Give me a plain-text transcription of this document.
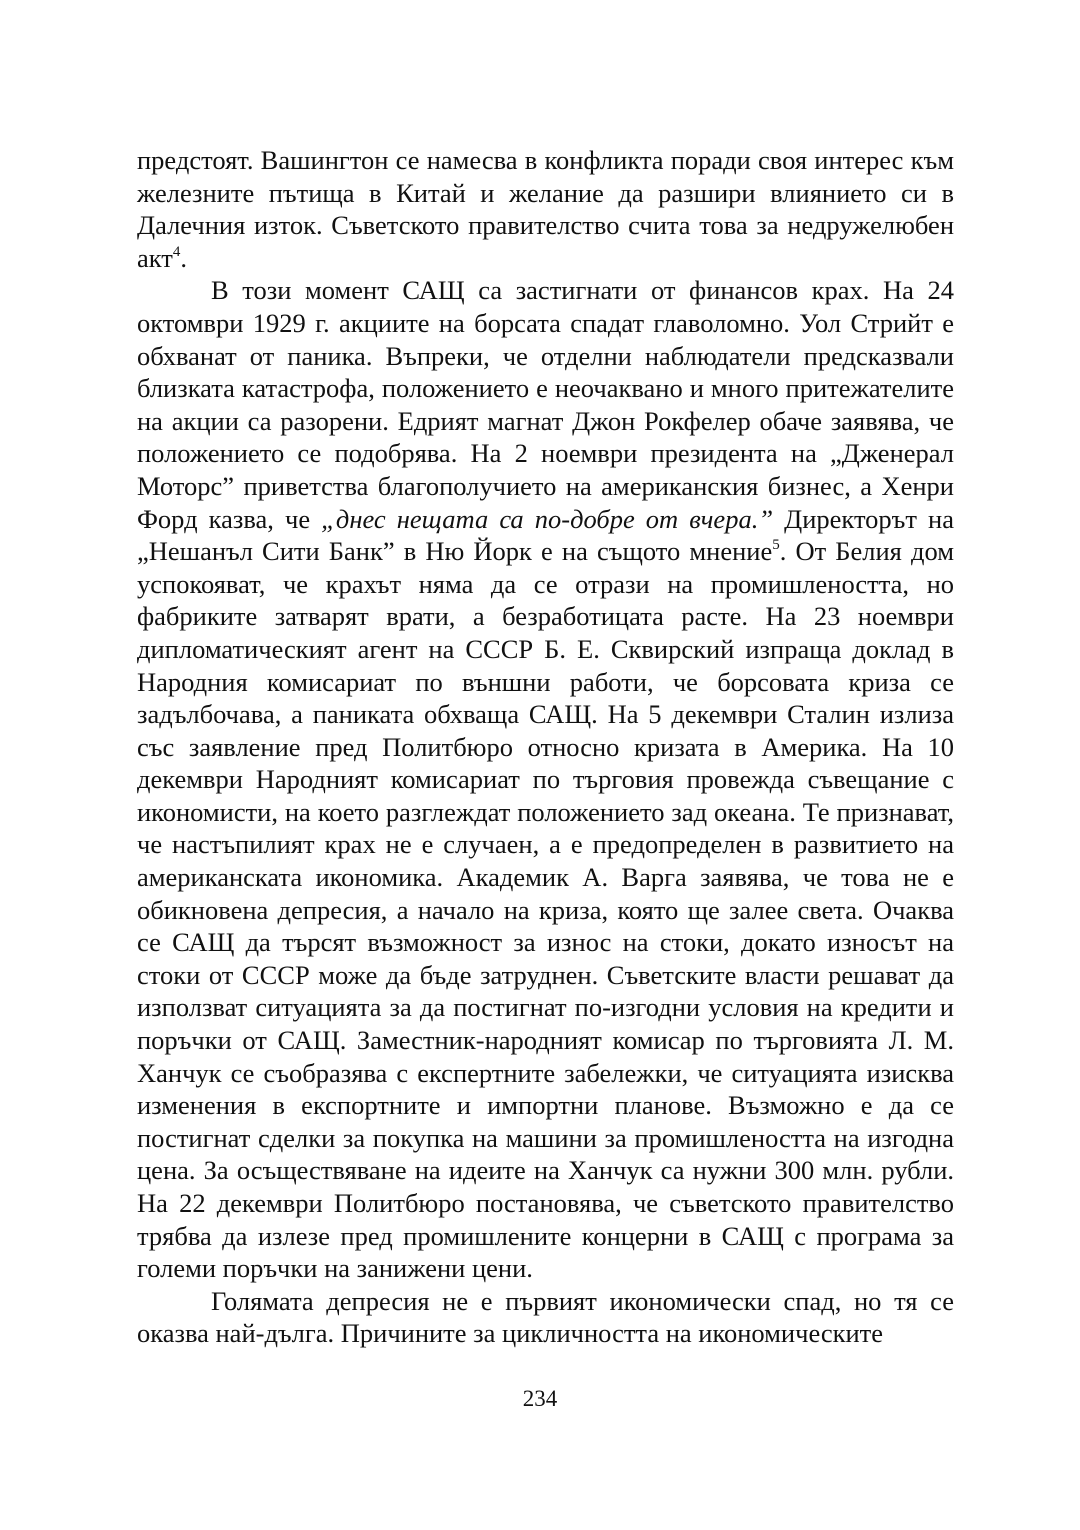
предстоят. Вашингтон се намесва в конфликта поради своя интерес към железните пътища в Китай и желание да разшири влиянието си в Далечния изток. Съветското правителство счита това за недружелюбен акт$^4$.

В този момент САЩ са застигнати от финансов крах. На 24 октомври 1929 г. акциите на борсата спадат главоломно. Уол Стрийт е обхванат от паника. Въпреки, че отделни наблюдатели предсказвали близката катастрофа, положението е неочаквано и много притежателите на акции са разорени. Едрият магнат Джон Рокфелер обаче заявява, че положението се подобрява. На 2 ноември президента на „Дженерал Моторс” приветства благополучието на американския бизнес, а Хенри Форд казва, че „днес нещата са по-добре от вчера.” Директорът на „Нешанъл Сити Банк” в Ню Йорк е на същото мнение$^5$. От Белия дом успокояват, че крахът няма да се отрази на промишлеността, но фабриките затварят врати, а безработицата расте. На 23 ноември дипломатическият агент на СССР Б. Е. Сквирский изпраща доклад в Народния комисариат по външни работи, че борсовата криза се задълбочава, а паниката обхваща САЩ. На 5 декември Сталин излиза със заявление пред Политбюро относно кризата в Америка. На 10 декември Народният комисариат по търговия провежда съвещание с икономисти, на което разглеждат положението зад океана. Те признават, че настъпилият крах не е случаен, а е предопределен в развитието на американската икономика. Академик А. Варга заявява, че това не е обикновена депресия, а начало на криза, която ще залее света. Очаква се САЩ да търсят възможност за износ на стоки, докато износът на стоки от СССР може да бъде затруднен. Съветските власти решават да използват ситуацията за да постигнат по-изгодни условия на кредити и поръчки от САЩ. Заместник-народният комисар по търговията Л. М. Ханчук се съобразява с експертните забележки, че ситуацията изисква изменения в експортните и импортни планове. Възможно е да се постигнат сделки за покупка на машини за промишлеността на изгодна цена. За осъществяване на идеите на Ханчук са нужни 300 млн. рубли. На 22 декември Политбюро постановява, че съветското правителство трябва да излезе пред промишлените концерни в САЩ с програма за големи поръчки на занижени цени.

Голямата депресия не е първият икономически спад, но тя се оказва най-дълга. Причините за цикличността на икономическите

234
